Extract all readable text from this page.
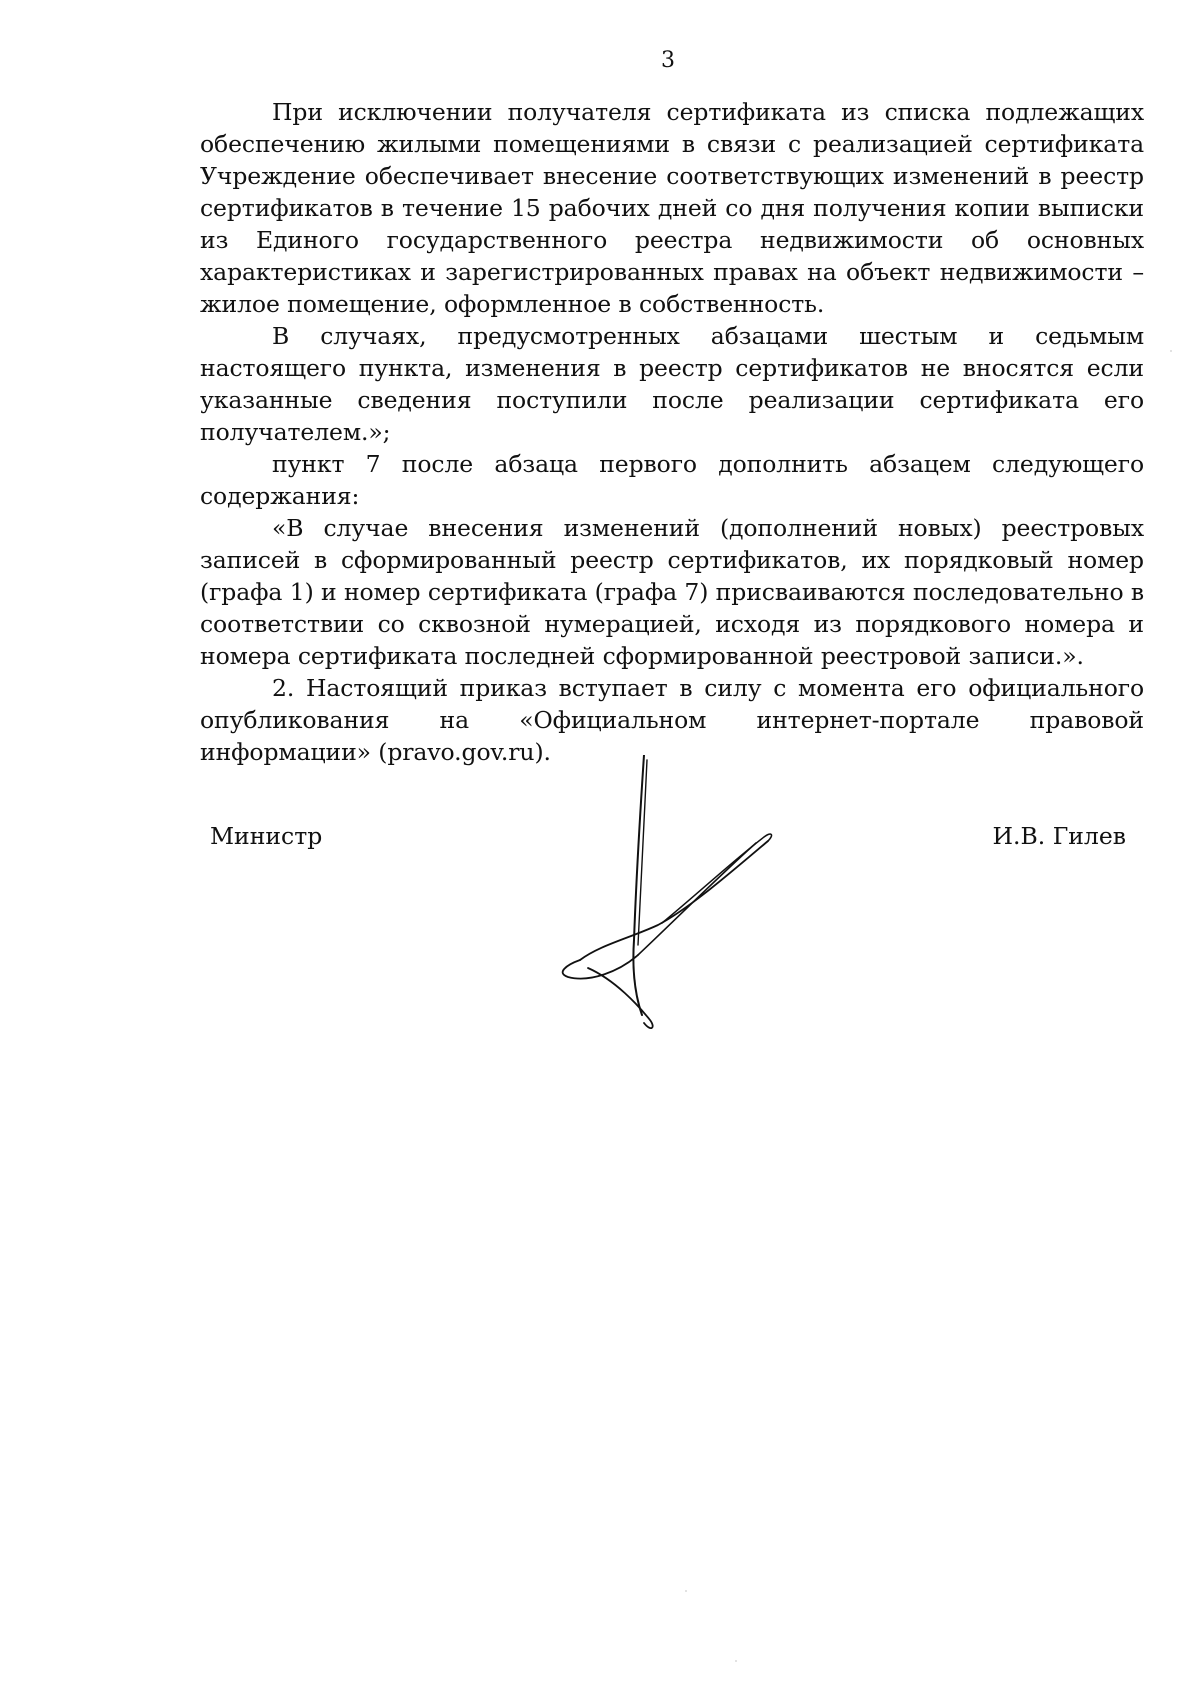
3

При исключении получателя сертификата из списка подлежащих обеспечению жилыми помещениями в связи с реализацией сертификата Учреждение обеспечивает внесение соответствующих изменений в реестр сертификатов в течение 15 рабочих дней со дня получения копии выписки из Единого государственного реестра недвижимости об основных характеристиках и зарегистрированных правах на объект недвижимости – жилое помещение, оформленное в собственность.

В случаях, предусмотренных абзацами шестым и седьмым настоящего пункта, изменения в реестр сертификатов не вносятся если указанные сведения поступили после реализации сертификата его получателем.»;

пункт 7 после абзаца первого дополнить абзацем следующего содержания:

«В случае внесения изменений (дополнений новых) реестровых записей в сформированный реестр сертификатов, их порядковый номер (графа 1) и номер сертификата (графа 7) присваиваются последовательно в соответствии со сквозной нумерацией, исходя из порядкового номера и номера сертификата последней сформированной реестровой записи.».

2. Настоящий приказ вступает в силу с момента его официального опубликования на «Официальном интернет-портале правовой информации» (pravo.gov.ru).

Министр	И.В. Гилев
